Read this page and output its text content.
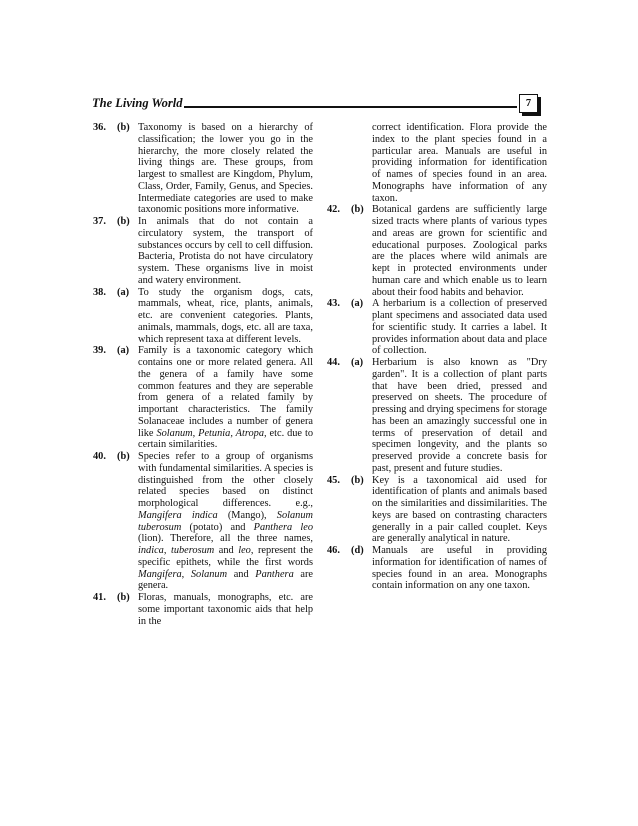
The Living World	7
36. (b) Taxonomy is based on a hierarchy of classification; the lower you go in the hierarchy, the more closely related the living things are. These groups, from largest to smallest are Kingdom, Phylum, Class, Order, Family, Genus, and Species. Intermediate categories are used to make taxonomic positions more informative.
37. (b) In animals that do not contain a circulatory system, the transport of substances occurs by cell to cell diffusion. Bacteria, Protista do not have circulatory system. These organisms live in moist and watery environment.
38. (a) To study the organism dogs, cats, mammals, wheat, rice, plants, animals, etc. are convenient categories. Plants, animals, mammals, dogs, etc. all are taxa, which represent taxa at different levels.
39. (a) Family is a taxonomic category which contains one or more related genera. All the genera of a family have some common features and they are seperable from genera of a related family by important characteristics. The family Solanaceae includes a number of genera like Solanum, Petunia, Atropa, etc. due to certain similarities.
40. (b) Species refer to a group of organisms with fundamental similarities. A species is distinguished from the other closely related species based on distinct morphological differences. e.g., Mangifera indica (Mango), Solanum tuberosum (potato) and Panthera leo (lion). Therefore, all the three names, indica, tuberosum and leo, represent the specific epithets, while the first words Mangifera, Solanum and Panthera are genera.
41. (b) Floras, manuals, monographs, etc. are some important taxonomic aids that help in the
correct identification. Flora provide the index to the plant species found in a particular area. Manuals are useful in providing information for identification of names of species found in an area. Monographs have information of any taxon.
42. (b) Botanical gardens are sufficiently large sized tracts where plants of various types and areas are grown for scientific and educational purposes. Zoological parks are the places where wild animals are kept in protected environments under human care and which enable us to learn about their food habits and behavior.
43. (a) A herbarium is a collection of preserved plant specimens and associated data used for scientific study. It carries a label. It provides information about data and place of collection.
44. (a) Herbarium is also known as "Dry garden". It is a collection of plant parts that have been dried, pressed and preserved on sheets. The procedure of pressing and drying specimens for storage has been an amazingly successful one in terms of preservation of detail and specimen longevity, and the plants so preserved provide a concrete basis for past, present and future studies.
45. (b) Key is a taxonomical aid used for identification of plants and animals based on the similarities and dissimilarities. The keys are based on contrasting characters generally in a pair called couplet. Keys are generally analytical in nature.
46. (d) Manuals are useful in providing information for identification of names of species found in an area. Monographs contain information on any one taxon.
